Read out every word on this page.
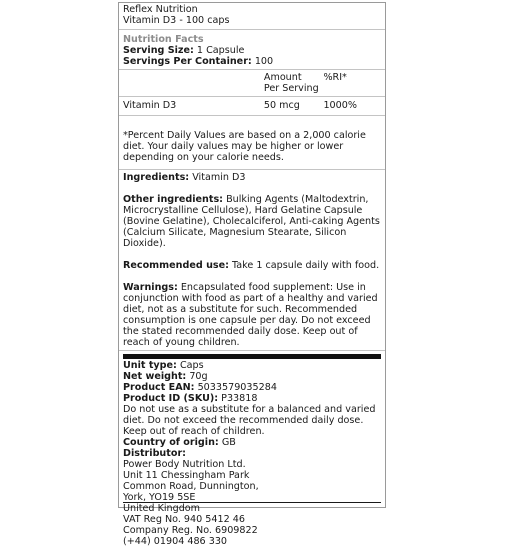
Reflex Nutrition
Vitamin D3 - 100 caps
Nutrition Facts
Serving Size: 1 Capsule
Servings Per Container: 100
Amount
Per Serving
%RI*
Vitamin D3	50 mcg	1000%
*Percent Daily Values are based on a 2,000 calorie diet. Your daily values may be higher or lower depending on your calorie needs.
Ingredients: Vitamin D3
Other ingredients: Bulking Agents (Maltodextrin, Microcrystalline Cellulose), Hard Gelatine Capsule (Bovine Gelatine), Cholecalciferol, Anti-caking Agents (Calcium Silicate, Magnesium Stearate, Silicon Dioxide).
Recommended use: Take 1 capsule daily with food.
Warnings: Encapsulated food supplement: Use in conjunction with food as part of a healthy and varied diet, not as a substitute for such. Recommended consumption is one capsule per day. Do not exceed the stated recommended daily dose. Keep out of reach of young children.
Unit type: Caps
Net weight: 70g
Product EAN: 5033579035284
Product ID (SKU): P33818
Do not use as a substitute for a balanced and varied diet. Do not exceed the recommended daily dose. Keep out of reach of children.
Country of origin: GB
Distributor:
Power Body Nutrition Ltd.
Unit 11 Chessingham Park
Common Road, Dunnington,
York, YO19 5SE
United Kingdom
VAT Reg No. 940 5412 46
Company Reg. No. 6909822
(+44) 01904 486 330
